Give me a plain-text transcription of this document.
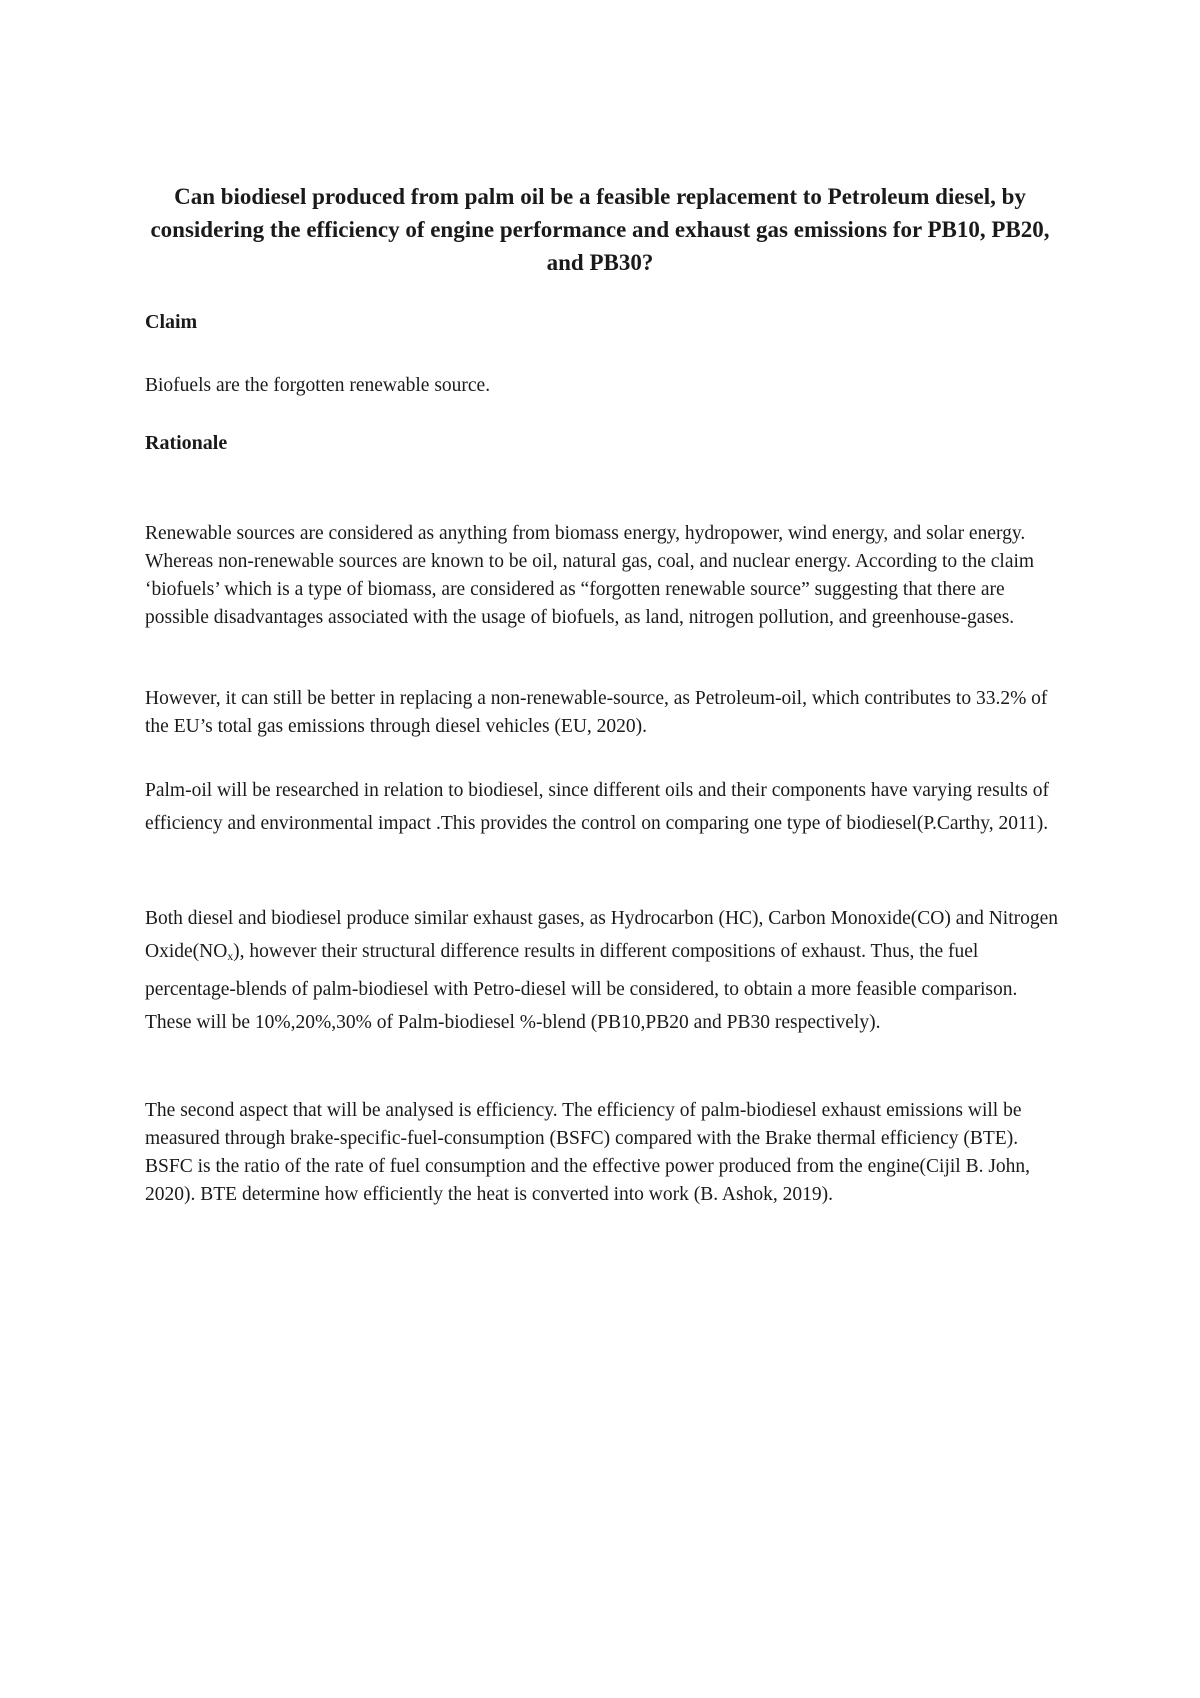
Can biodiesel produced from palm oil be a feasible replacement to Petroleum diesel, by considering the efficiency of engine performance and exhaust gas emissions for PB10, PB20, and PB30?
Claim

Biofuels are the forgotten renewable source.

Rationale

Renewable sources are considered as anything from biomass energy, hydropower, wind energy, and solar energy. Whereas non-renewable sources are known to be oil, natural gas, coal, and nuclear energy. According to the claim ‘biofuels’ which is a type of biomass, are considered as “forgotten renewable source” suggesting that there are possible disadvantages associated with the usage of biofuels, as land, nitrogen pollution, and greenhouse-gases.

However, it can still be better in replacing a non-renewable-source, as Petroleum-oil, which contributes to 33.2% of the EU’s total gas emissions through diesel vehicles (EU, 2020).

Palm-oil will be researched in relation to biodiesel, since different oils and their components have varying results of efficiency and environmental impact .This provides the control on comparing one type of biodiesel(P.Carthy, 2011).

Both diesel and biodiesel produce similar exhaust gases, as Hydrocarbon (HC), Carbon Monoxide(CO) and Nitrogen Oxide(NOx), however their structural difference results in different compositions of exhaust. Thus, the fuel percentage-blends of palm-biodiesel with Petro-diesel will be considered, to obtain a more feasible comparison. These will be 10%,20%,30% of Palm-biodiesel %-blend (PB10,PB20 and PB30 respectively).

The second aspect that will be analysed is efficiency. The efficiency of palm-biodiesel exhaust emissions will be measured through brake-specific-fuel-consumption (BSFC) compared with the Brake thermal efficiency (BTE). BSFC is the ratio of the rate of fuel consumption and the effective power produced from the engine(Cijil B. John, 2020). BTE determine how efficiently the heat is converted into work (B. Ashok, 2019).
